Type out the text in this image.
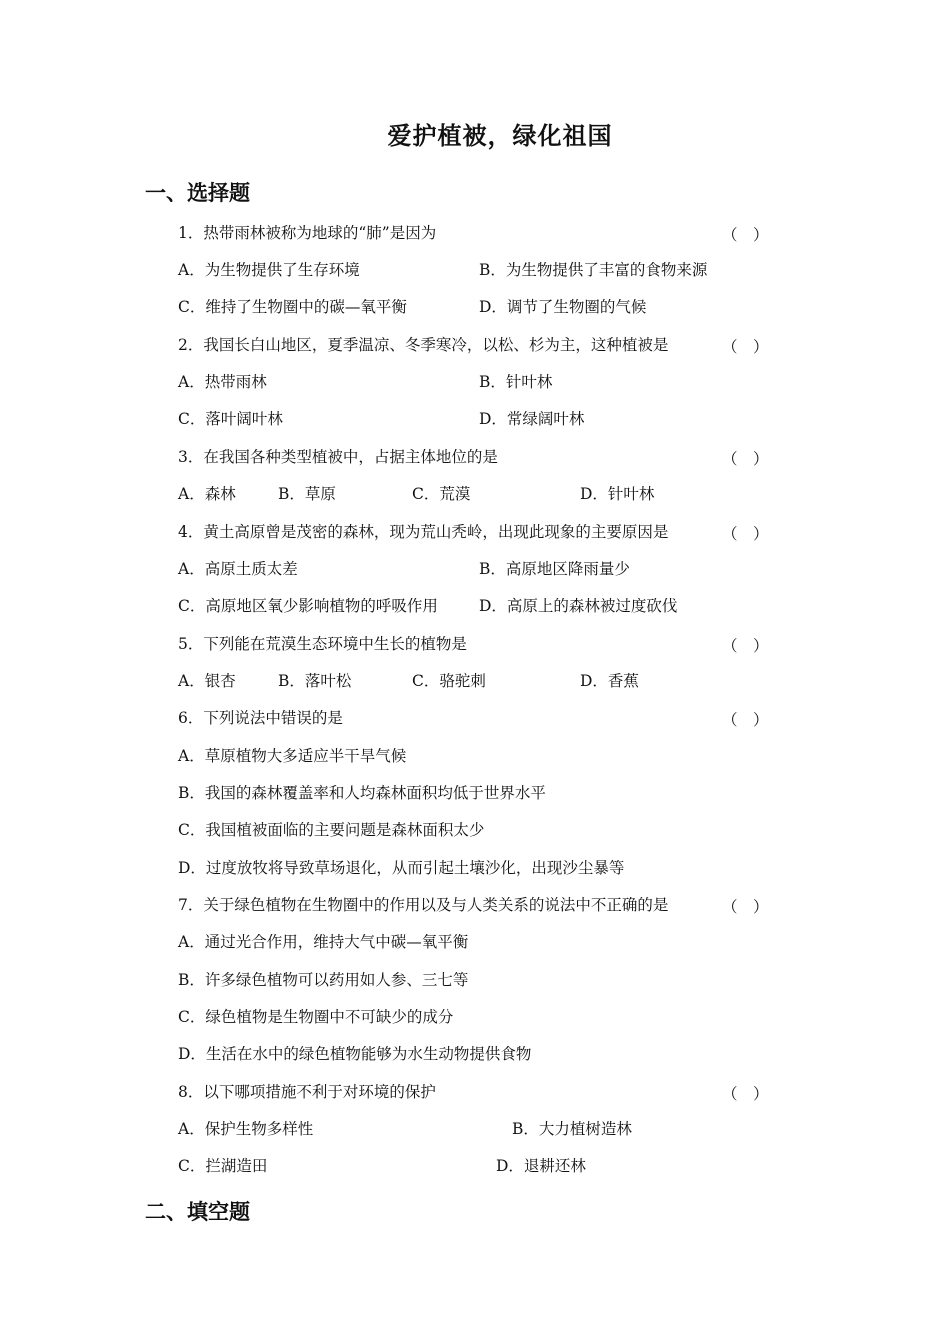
爱护植被，绿化祖国
一、选择题
1．热带雨林被称为地球的“肺”是因为	（　）
A．为生物提供了生存环境	B．为生物提供了丰富的食物来源
C．维持了生物圈中的碳—氧平衡	D．调节了生物圈的气候
2．我国长白山地区，夏季温凉、冬季寒冷，以松、杉为主，这种植被是	（　）
A．热带雨林	B．针叶林
C．落叶阔叶林	D．常绿阔叶林
3．在我国各种类型植被中，占据主体地位的是	（　）
A．森林	B．草原	C．荒漠	D．针叶林
4．黄土高原曾是茂密的森林，现为荒山秃岭，出现此现象的主要原因是	（　）
A．高原土质太差	B．高原地区降雨量少
C．高原地区氧少影响植物的呼吸作用	D．高原上的森林被过度砍伐
5．下列能在荒漠生态环境中生长的植物是	（　）
A．银杏	B．落叶松	C．骆驼刺	D．香蕉
6．下列说法中错误的是	（　）
A．草原植物大多适应半干旱气候
B．我国的森林覆盖率和人均森林面积均低于世界水平
C．我国植被面临的主要问题是森林面积太少
D．过度放牧将导致草场退化，从而引起土壤沙化，出现沙尘暴等
7．关于绿色植物在生物圈中的作用以及与人类关系的说法中不正确的是	（　）
A．通过光合作用，维持大气中碳—氧平衡
B．许多绿色植物可以药用如人参、三七等
C．绿色植物是生物圈中不可缺少的成分
D．生活在水中的绿色植物能够为水生动物提供食物
8．以下哪项措施不利于对环境的保护	（　）
A．保护生物多样性	B．大力植树造林
C．拦湖造田	D．退耕还林
二、填空题
